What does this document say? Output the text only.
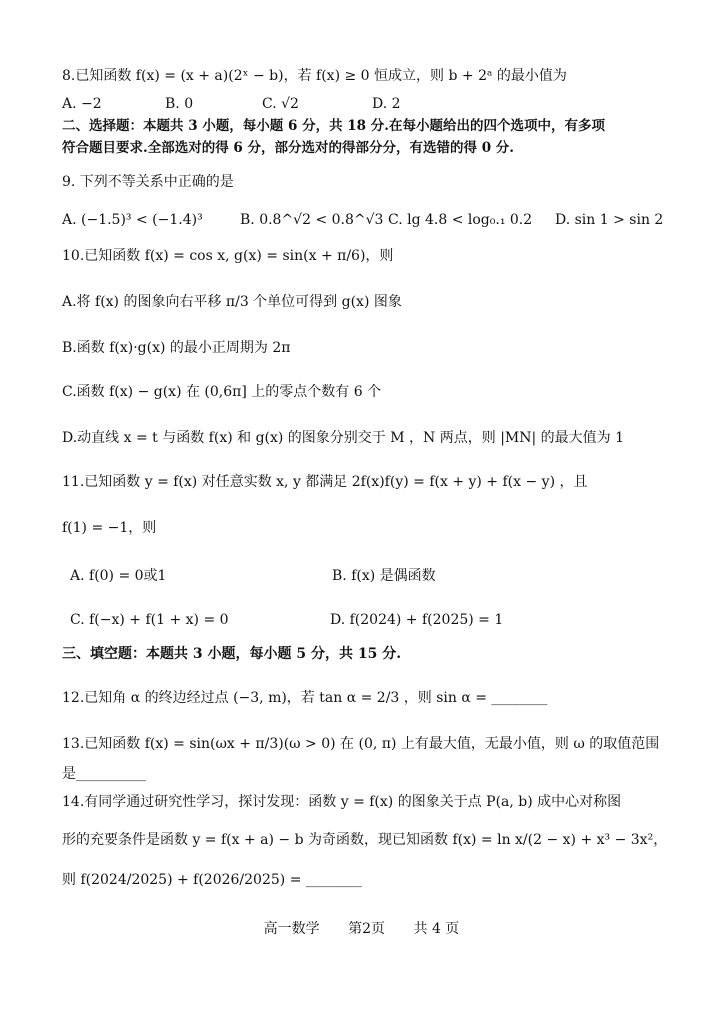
8.已知函数 f(x) = (x + a)(2ˣ − b)，若 f(x) ≥ 0 恒成立，则 b + 2ᵃ 的最小值为
A. −2	B. 0	C. √2	D. 2
二、选择题：本题共 3 小题，每小题 6 分，共 18 分.在每小题给出的四个选项中，有多项
符合题目要求.全部选对的得 6 分，部分选对的得部分分，有选错的得 0 分.
9. 下列不等关系中正确的是
A. (−1.5)³ < (−1.4)³	B. 0.8^√2 < 0.8^√3 C. lg 4.8 < log₀.₁ 0.2 D. sin 1 > sin 2
10.已知函数 f(x) = cos x, g(x) = sin(x + π/6)，则
A.将 f(x) 的图象向右平移 π/3 个单位可得到 g(x) 图象
B.函数 f(x)·g(x) 的最小正周期为 2π
C.函数 f(x) − g(x) 在 (0,6π] 上的零点个数有 6 个
D.动直线 x = t 与函数 f(x) 和 g(x) 的图象分别交于 M ，N 两点，则 |MN| 的最大值为 1
11.已知函数 y = f(x) 对任意实数 x, y 都满足 2f(x)f(y) = f(x + y) + f(x − y) ，且
f(1) = −1，则
A. f(0) = 0或1	B. f(x) 是偶函数
C. f(−x) + f(1 + x) = 0	D. f(2024) + f(2025) = 1
三、填空题：本题共 3 小题，每小题 5 分，共 15 分.
12.已知角 α 的终边经过点 (−3, m)，若 tan α = 2/3 ，则 sin α = ________
13.已知函数 f(x) = sin(ωx + π/3)(ω > 0) 在 (0, π) 上有最大值，无最小值，则 ω 的取值范围
是__________
14.有同学通过研究性学习，探讨发现：函数 y = f(x) 的图象关于点 P(a, b) 成中心对称图
形的充要条件是函数 y = f(x + a) − b 为奇函数，现已知函数 f(x) = ln x/(2 − x) + x³ − 3x²，
则 f(2024/2025) + f(2026/2025) = ________
高一数学 第2页 共 4 页
